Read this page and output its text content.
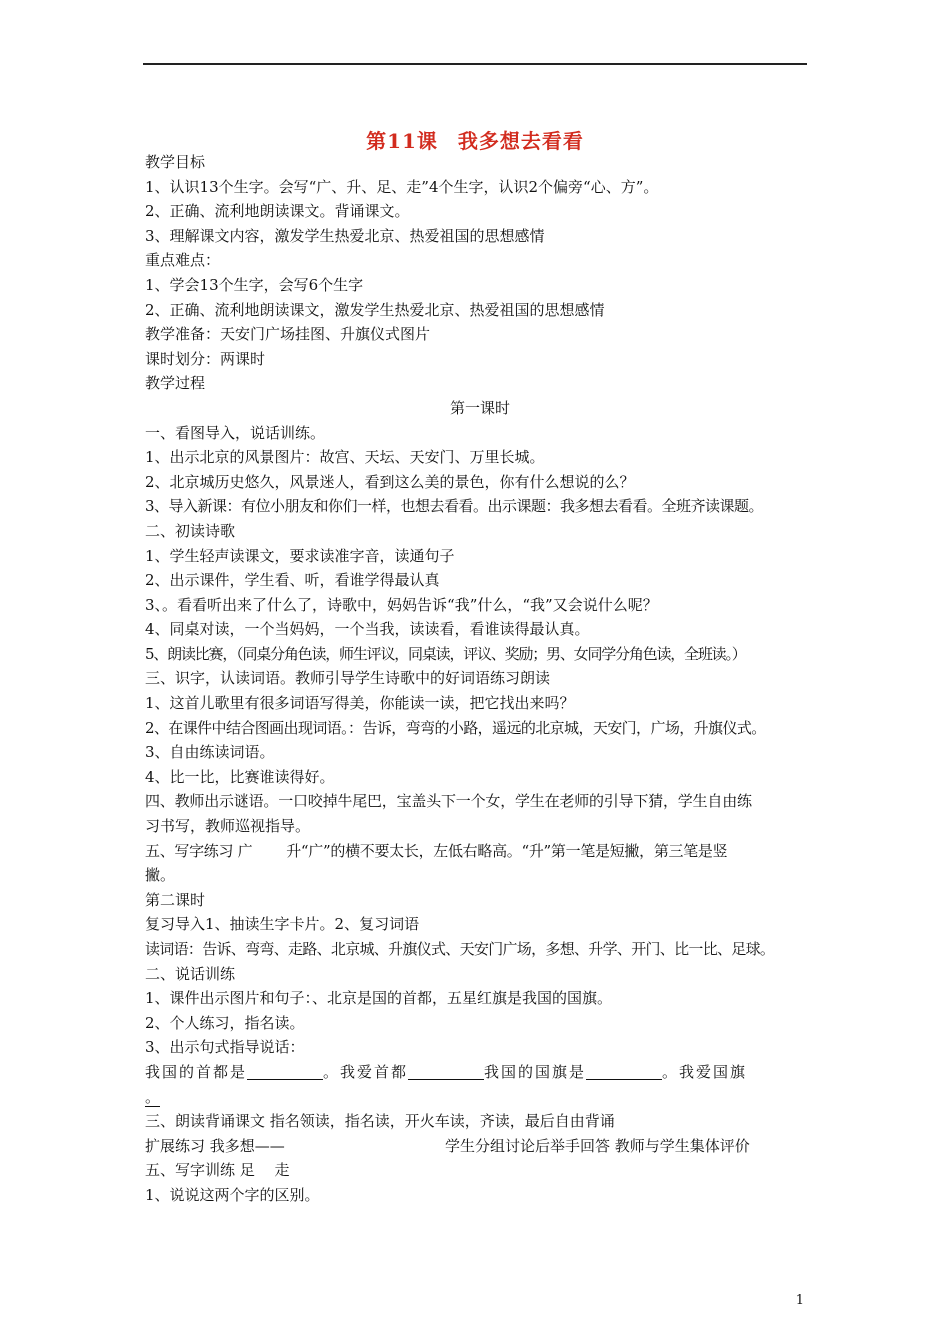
第11课 我多想去看看

教学目标

1、认识13个生字。会写“广、升、足、走”4个生字，认识2个偏旁“心、方”。

2、正确、流利地朗读课文。背诵课文。

3、理解课文内容，激发学生热爱北京、热爱祖国的思想感情

重点难点：

1、学会13个生字，会写6个生字

2、正确、流利地朗读课文，激发学生热爱北京、热爱祖国的思想感情

教学准备：天安门广场挂图、升旗仪式图片

课时划分：两课时

教学过程

第一课时

一、看图导入，说话训练。

1、出示北京的风景图片：故宫、天坛、天安门、万里长城。

2、北京城历史悠久，风景迷人，看到这么美的景色，你有什么想说的么？

3、导入新课：有位小朋友和你们一样，也想去看看。出示课题：我多想去看看。全班齐读课题。

二、初读诗歌

1、学生轻声读课文，要求读准字音，读通句子

2、出示课件，学生看、听，看谁学得最认真

3、。看看听出来了什么了，诗歌中，妈妈告诉“我”什么，“我”又会说什么呢？

4、同桌对读，一个当妈妈，一个当我，读读看，看谁读得最认真。

5、朗读比赛，（同桌分角色读，师生评议，同桌读，评议、奖励；男、女同学分角色读，全班读。）

三、识字，认读词语。教师引导学生诗歌中的好词语练习朗读

1、这首儿歌里有很多词语写得美，你能读一读，把它找出来吗？

2、在课件中结合图画出现词语。：告诉，弯弯的小路，遥远的北京城，天安门，广场，升旗仪式。

3、自由练读词语。

4、比一比，比赛谁读得好。

四、教师出示谜语。一口咬掉牛尾巴，宝盖头下一个女，学生在老师的引导下猜，学生自由练

习书写，教师巡视指导。

五、写字练习 广 　　升“广”的横不要太长，左低右略高。“升”第一笔是短撇，第三笔是竖

撇。

第二课时

复习导入1、抽读生字卡片。2、复习词语

读词语：告诉、弯弯、走路、北京城、升旗仪式、天安门广场，多想、升学、开门、比一比、足球。

二、说话训练

1、课件出示图片和句子：、北京是国的首都，五星红旗是我国的国旗。

2、个人练习，指名读。

3、出示句式指导说话：

我国的首都是	。我爱首都	我国的国旗是	。我爱国旗

。

三、朗读背诵课文 指名领读，指名读，开火车读，齐读，最后自由背诵

扩展练习 我多想——	学生分组讨论后举手回答 教师与学生集体评价

五、写字训练 足 　走

1、说说这两个字的区别。

1
